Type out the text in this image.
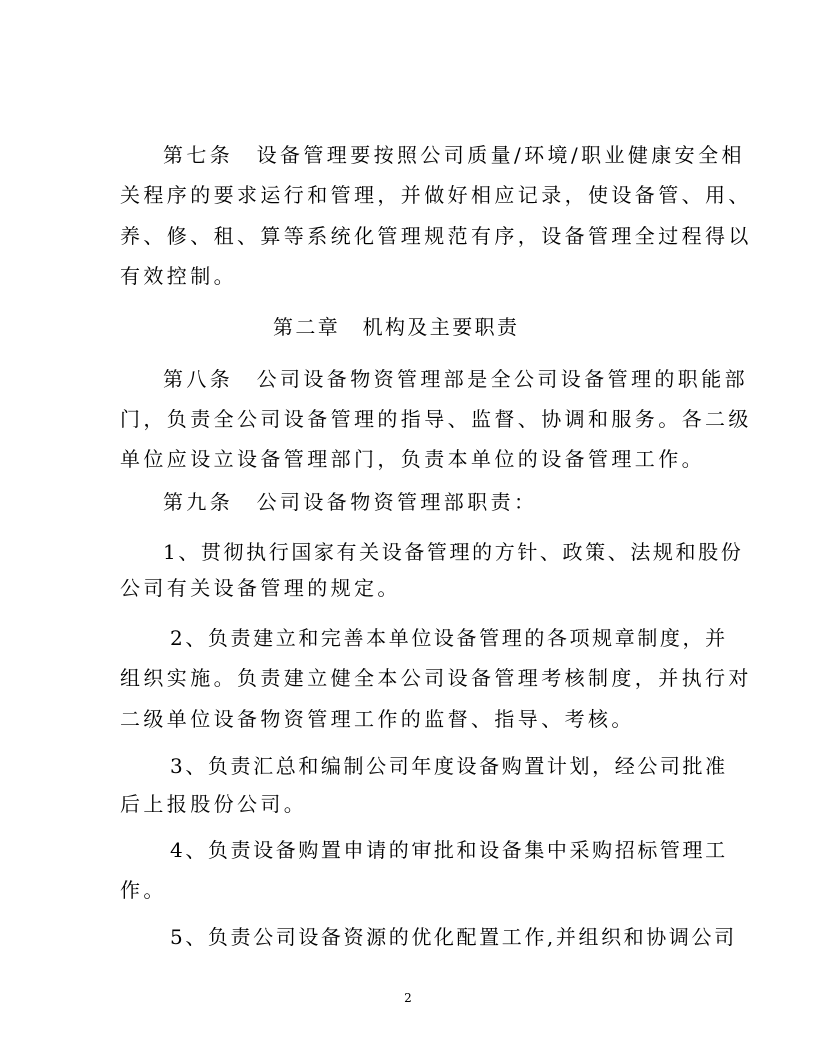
第七条　设备管理要按照公司质量/环境/职业健康安全相
关程序的要求运行和管理，并做好相应记录，使设备管、用、
养、修、租、算等系统化管理规范有序，设备管理全过程得以
有效控制。
第二章　机构及主要职责
第八条　公司设备物资管理部是全公司设备管理的职能部
门，负责全公司设备管理的指导、监督、协调和服务。各二级
单位应设立设备管理部门，负责本单位的设备管理工作。
第九条　公司设备物资管理部职责：
1、贯彻执行国家有关设备管理的方针、政策、法规和股份
公司有关设备管理的规定。
2、负责建立和完善本单位设备管理的各项规章制度，并
组织实施。负责建立健全本公司设备管理考核制度，并执行对
二级单位设备物资管理工作的监督、指导、考核。
3、负责汇总和编制公司年度设备购置计划，经公司批准
后上报股份公司。
4、负责设备购置申请的审批和设备集中采购招标管理工
作。
5、负责公司设备资源的优化配置工作,并组织和协调公司
2
